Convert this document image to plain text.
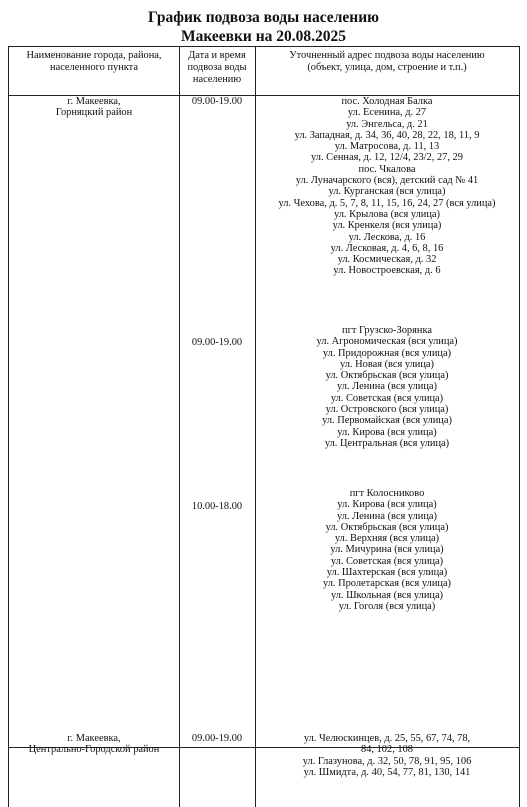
График подвоза воды населению
Макеевки на 20.08.2025
Наименование города, района,
населенного пункта
Дата и время
подвоза воды
населению
Уточненный адрес подвоза воды населению
(объект, улица, дом, строение и т.п.)
г. Макеевка,
Горняцкий район
09.00-19.00	пос. Холодная Балка
ул. Есенина, д. 27
ул. Энгельса, д. 21
ул. Западная, д. 34, 36, 40, 28, 22, 18, 11, 9
ул. Матросова, д. 11, 13
ул. Сенная, д. 12, 12/4, 23/2, 27, 29
пос. Чкалова
ул. Луначарского (вся), детский сад № 41
ул. Курганская (вся улица)
ул. Чехова, д. 5, 7, 8, 11, 15, 16, 24, 27 (вся улица)
ул. Крылова (вся улица)
ул. Кренкеля (вся улица)
ул. Лескова, д. 16
ул. Лесковая, д. 4, 6, 8, 16
ул. Космическая, д. 32
ул. Новостроевская, д. 6
09.00-19.00
пгт Грузско-Зорянка
ул. Агрономическая (вся улица)
ул. Придорожная (вся улица)
ул. Новая (вся улица)
ул. Октябрьская (вся улица)
ул. Ленина (вся улица)
ул. Советская (вся улица)
ул. Островского (вся улица)
ул. Первомайская (вся улица)
ул. Кирова (вся улица)
ул. Центральная (вся улица)
10.00-18.00
пгт Колосниково
ул. Кирова (вся улица)
ул. Ленина (вся улица)
ул. Октябрьская (вся улица)
ул. Верхняя (вся улица)
ул. Мичурина (вся улица)
ул. Советская (вся улица)
ул. Шахтерская (вся улица)
ул. Пролетарская (вся улица)
ул. Школьная (вся улица)
ул. Гоголя (вся улица)
г. Макеевка,
Центрально-Городской район
09.00-19.00	ул. Челюскинцев, д. 25, 55, 67, 74, 78,
84, 102, 108
ул. Глазунова, д. 32, 50, 78, 91, 95, 106
ул. Шмидта, д. 40, 54, 77, 81, 130, 141
